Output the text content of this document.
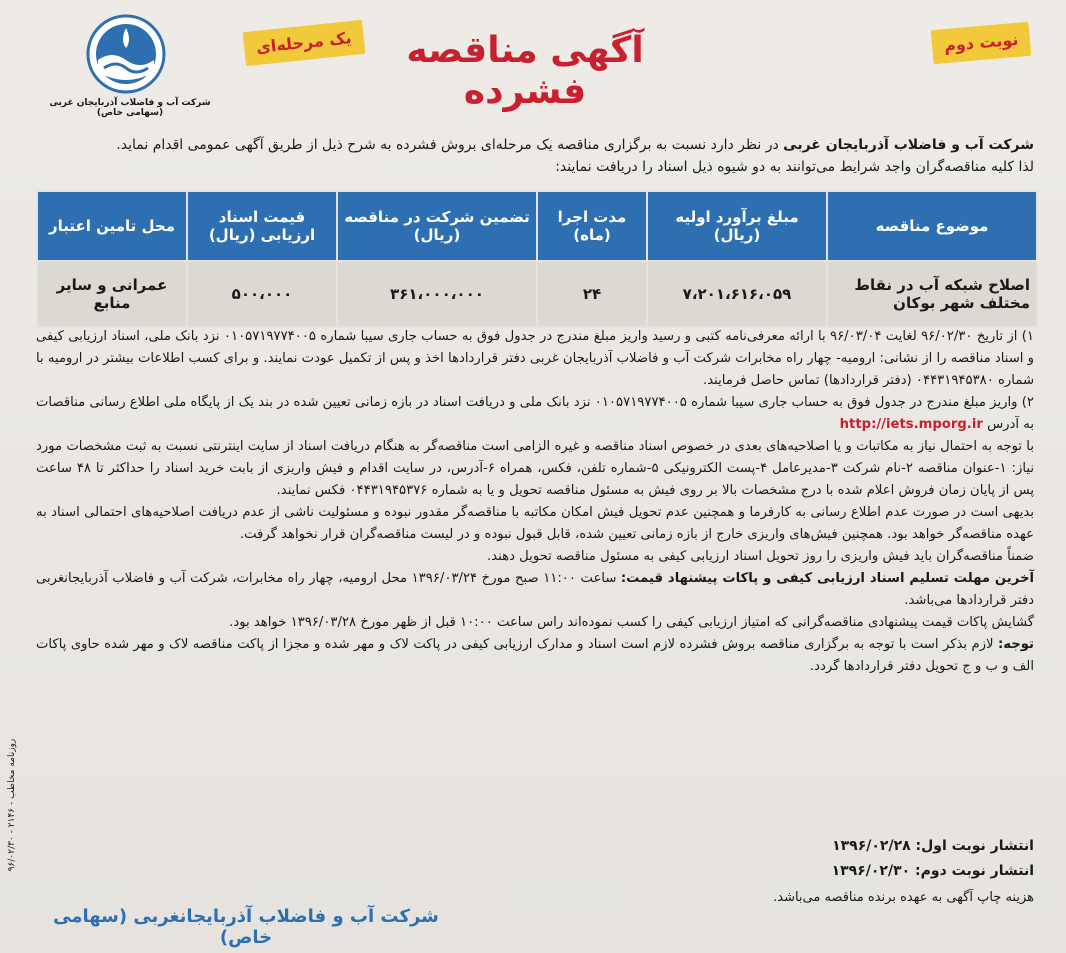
شرکت آب و فاضلاب آذربایجان غربی (سهامی خاص)
یک مرحله‌ای	آگهی مناقصه فشرده
نوبت دوم
شرکت آب و فاضلاب آذربایجان غربی در نظر دارد نسبت به برگزاری مناقصه یک مرحله‌ای بروش فشرده به شرح ذیل از طریق آگهی عمومی اقدام نماید.
لذا کلیه مناقصه‌گران واجد شرایط می‌توانند به دو شیوه ذیل اسناد را دریافت نمایند:
موضوع مناقصه	مبلغ برآورد اولیه (ریال)	مدت اجرا (ماه)	تضمین شرکت در مناقصه (ریال)	قیمت اسناد ارزیابی (ریال)	محل تامین اعتبار
اصلاح شبکه آب در نقاط مختلف شهر بوکان	۷،۲۰۱،۶۱۶،۰۵۹	۲۴	۳۶۱،۰۰۰،۰۰۰	۵۰۰،۰۰۰	عمرانی و سایر منابع

۱) از تاریخ ۹۶/۰۲/۳۰ لغایت ۹۶/۰۳/۰۴ با ارائه معرفی‌نامه کتبی و رسید واریز مبلغ مندرج در جدول فوق به حساب جاری سیبا شماره ۰۱۰۵۷۱۹۷۷۴۰۰۵ نزد بانک ملی، اسناد ارزیابی کیفی و اسناد مناقصه را از نشانی: ارومیه- چهار راه مخابرات شرکت آب و فاضلاب آذربایجان غربی دفتر قراردادها اخذ و پس از تکمیل عودت نمایند. و برای کسب اطلاعات بیشتر در ارومیه با شماره ۰۴۴۳۱۹۴۵۳۸۰ (دفتر قراردادها) تماس حاصل فرمایند.

۲) واریز مبلغ مندرج در جدول فوق به حساب جاری سیبا شماره ۰۱۰۵۷۱۹۷۷۴۰۰۵ نزد بانک ملی و دریافت اسناد در بازه زمانی تعیین شده در بند یک از پایگاه ملی اطلاع رسانی مناقصات به آدرس http://iets.mporg.ir

با توجه به احتمال نیاز به مکاتبات و یا اصلاحیه‌های بعدی در خصوص اسناد مناقصه و غیره الزامی است مناقصه‌گر به هنگام دریافت اسناد از سایت اینترنتی نسبت به ثبت مشخصات مورد نیاز: ۱-عنوان مناقصه ۲-نام شرکت ۳-مدیرعامل ۴-پست الکترونیکی ۵-شماره تلفن، فکس، همراه ۶-آدرس، در سایت اقدام و فیش واریزی از بابت خرید اسناد را حداکثر تا ۴۸ ساعت پس از پایان زمان فروش اعلام شده با درج مشخصات بالا بر روی فیش به مسئول مناقصه تحویل و یا به شماره ۰۴۴۳۱۹۴۵۳۷۶ فکس نمایند.

بدیهی است در صورت عدم اطلاع رسانی به کارفرما و همچنین عدم تحویل فیش امکان مکاتبه با مناقصه‌گر مقدور نبوده و مسئولیت ناشی از عدم دریافت اصلاحیه‌های احتمالی اسناد به عهده مناقصه‌گر خواهد بود. همچنین فیش‌های واریزی خارج از بازه زمانی تعیین شده، قابل قبول نبوده و در لیست مناقصه‌گران قرار نخواهد گرفت.

ضمناً مناقصه‌گران باید فیش واریزی را روز تحویل اسناد ارزیابی کیفی به مسئول مناقصه تحویل دهند.

آخرین مهلت تسلیم اسناد ارزیابی کیفی و پاکات پیشنهاد قیمت: ساعت ۱۱:۰۰ صبح مورخ ۱۳۹۶/۰۳/۲۴ محل ارومیه، چهار راه مخابرات، شرکت آب و فاضلاب آذربایجانغربی دفتر قراردادها می‌باشد.

گشایش پاکات قیمت پیشنهادی مناقصه‌گرانی که امتیاز ارزیابی کیفی را کسب نموده‌اند راس ساعت ۱۰:۰۰ قبل از ظهر مورخ ۱۳۹۶/۰۳/۲۸ خواهد بود.

توجه: لازم بذکر است با توجه به برگزاری مناقصه بروش فشرده لازم است اسناد و مدارک ارزیابی کیفی در پاکت لاک و مهر شده و مجزا از پاکت مناقصه لاک و مهر شده حاوی پاکات الف و ب و ج تحویل دفتر قراردادها گردد.

انتشار نوبت اول: ۱۳۹۶/۰۲/۲۸
انتشار نوبت دوم: ۱۳۹۶/۰۲/۳۰
هزینه چاپ آگهی به عهده برنده مناقصه می‌باشد.
شرکت آب و فاضلاب آذربایجانغربی (سهامی خاص)
روزنامه مخاطب - ۲۱۴۶ - ۹۶/۰۲/۳۰
